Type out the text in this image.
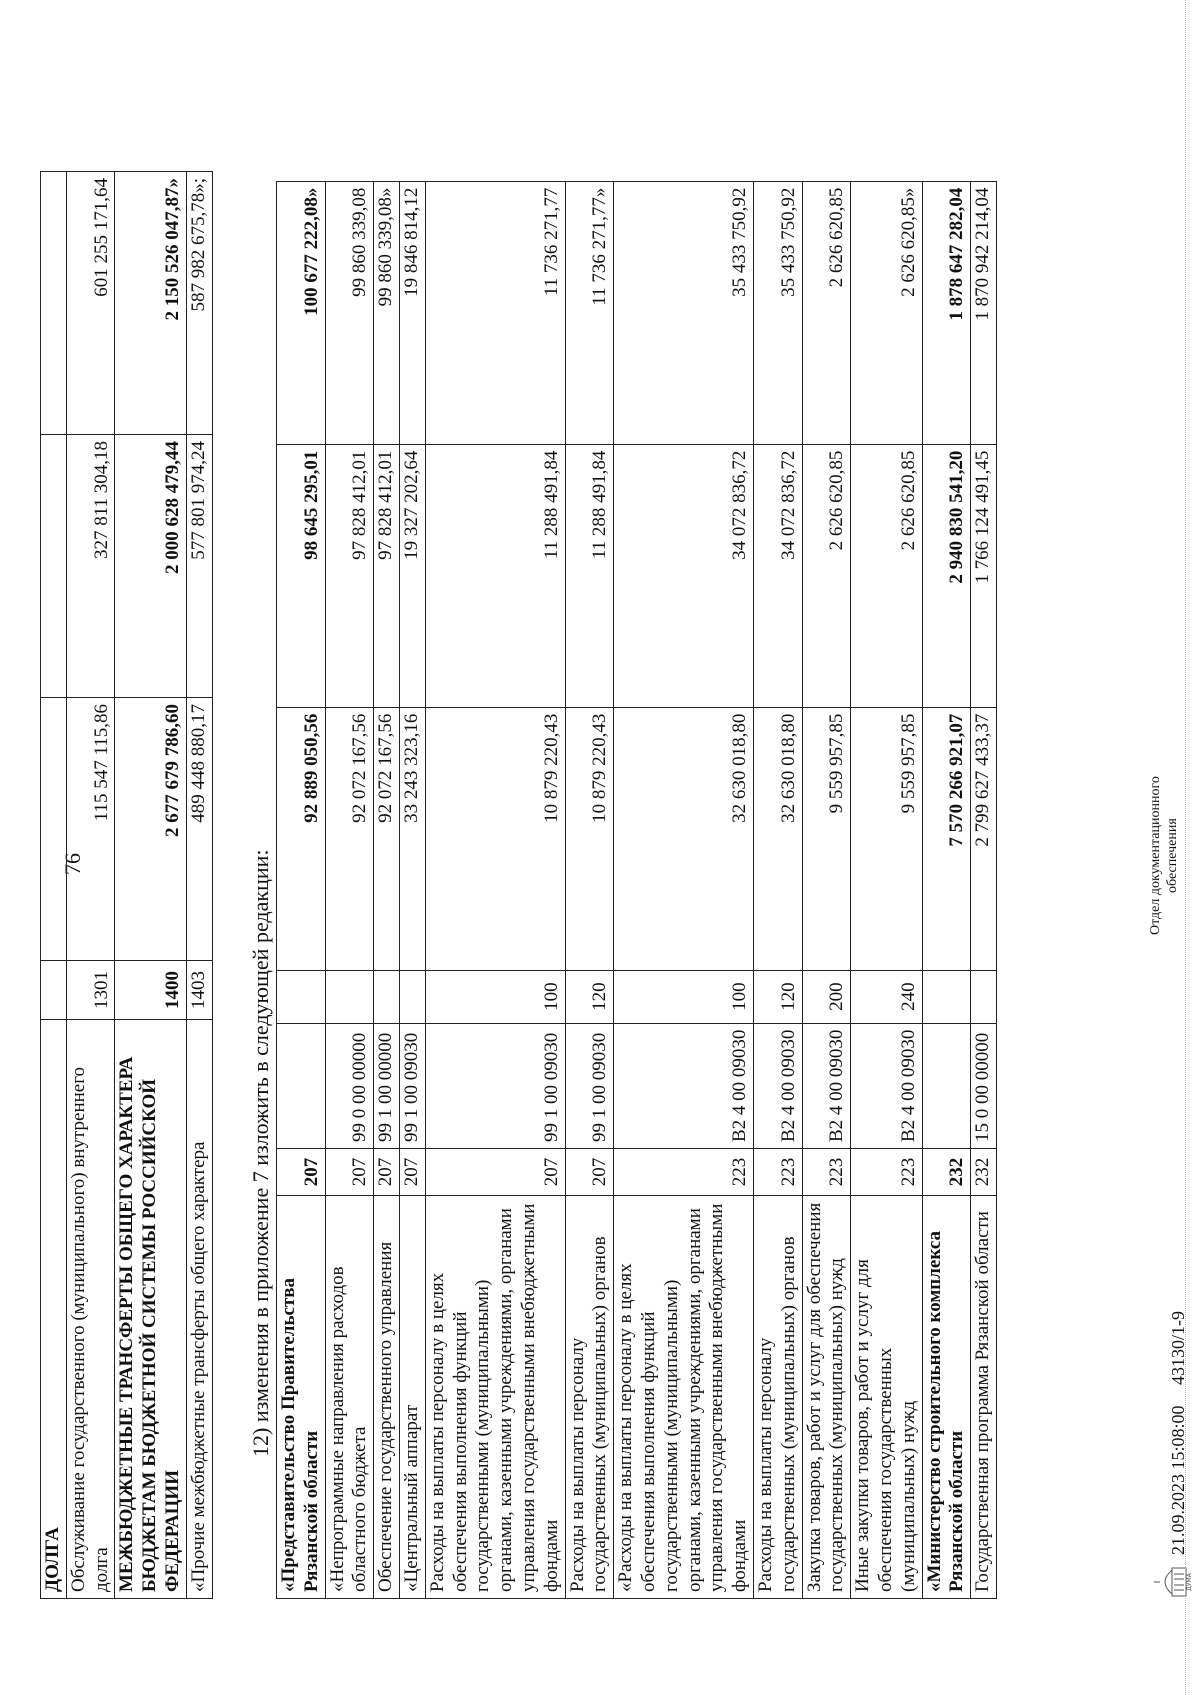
76
ДОЛГА				
Обслуживание государственного (муниципального) внутреннего долга	1301	115 547 115,86	327 811 304,18	601 255 171,64
МЕЖБЮДЖЕТНЫЕ ТРАНСФЕРТЫ ОБЩЕГО ХАРАКТЕРА БЮДЖЕТАМ БЮДЖЕТНОЙ СИСТЕМЫ РОССИЙСКОЙ ФЕДЕРАЦИИ	1400	2 677 679 786,60	2 000 628 479,44	2 150 526 047,87»
«Прочие межбюджетные трансферты общего характера	1403	489 448 880,17	577 801 974,24	587 982 675,78»;
12) изменения в приложение 7 изложить в следующей редакции: «Представительство Правительства Рязанской области	207			92 889 050,56	98 645 295,01	100 677 222,08»
«Непрограммные направления расходов областного бюджета	207	99 0 00 00000		92 072 167,56	97 828 412,01	99 860 339,08
Обеспечение государственного управления	207	99 1 00 00000		92 072 167,56	97 828 412,01	99 860 339,08»
«Центральный аппарат	207	99 1 00 09030		33 243 323,16	19 327 202,64	19 846 814,12
Расходы на выплаты персоналу в целях обеспечения выполнения функций государственными (муниципальными) органами, казенными учреждениями, органами управления государственными внебюджетными фондами	207	99 1 00 09030	100	10 879 220,43	11 288 491,84	11 736 271,77
Расходы на выплаты персоналу государственных (муниципальных) органов	207	99 1 00 09030	120	10 879 220,43	11 288 491,84	11 736 271,77»
«Расходы на выплаты персоналу в целях обеспечения выполнения функций государственными (муниципальными) органами, казенными учреждениями, органами управления государственными внебюджетными фондами	223	В2 4 00 09030	100	32 630 018,80	34 072 836,72	35 433 750,92
Расходы на выплаты персоналу государственных (муниципальных) органов	223	В2 4 00 09030	120	32 630 018,80	34 072 836,72	35 433 750,92
Закупка товаров, работ и услуг для обеспечения государственных (муниципальных) нужд	223	В2 4 00 09030	200	9 559 957,85	2 626 620,85	2 626 620,85
Иные закупки товаров, работ и услуг для обеспечения государственных (муниципальных) нужд	223	В2 4 00 09030	240	9 559 957,85	2 626 620,85	2 626 620,85»
«Министерство строительного комплекса Рязанской области	232			7 570 266 921,07	2 940 830 541,20	1 878 647 282,04
Государственная программа Рязанской области	232	15 0 00 00000		2 799 627 433,37	1 766 124 491,45	1 870 942 214,04
ДУМА
21.09.2023 15:08:00
43130/1-9
Отдел документационного обеспечения
